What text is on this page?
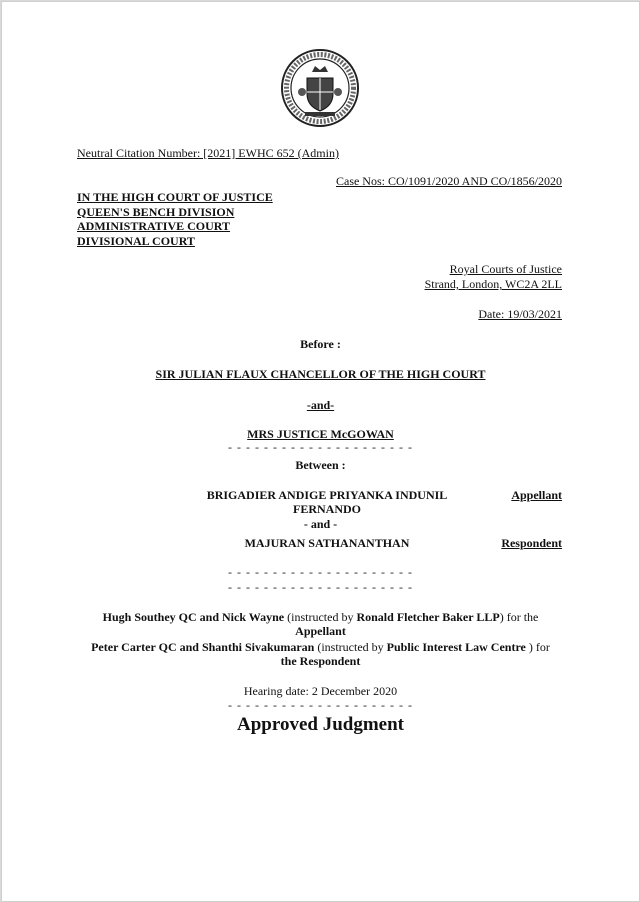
Neutral Citation Number: [2021] EWHC 652 (Admin)
Case Nos: CO/1091/2020 AND CO/1856/2020
IN THE HIGH COURT OF JUSTICE
QUEEN'S BENCH DIVISION
ADMINISTRATIVE COURT
DIVISIONAL COURT
Royal Courts of Justice
Strand, London, WC2A 2LL
Date: 19/03/2021
Before :
SIR JULIAN FLAUX CHANCELLOR OF THE HIGH COURT
-and-
MRS JUSTICE McGOWAN
- - - - - - - - - - - - - - - - - - - - -
Between :
BRIGADIER ANDIGE PRIYANKA INDUNIL
FERNANDO
Appellant
- and -
MAJURAN SATHANANTHAN	Respondent
- - - - - - - - - - - - - - - - - - - - -
- - - - - - - - - - - - - - - - - - - - -
Hugh Southey QC and Nick Wayne (instructed by Ronald Fletcher Baker LLP) for the
Appellant
Peter Carter QC and Shanthi Sivakumaran (instructed by Public Interest Law Centre ) for
the Respondent
Hearing date: 2 December 2020
- - - - - - - - - - - - - - - - - - - - -
Approved Judgment
